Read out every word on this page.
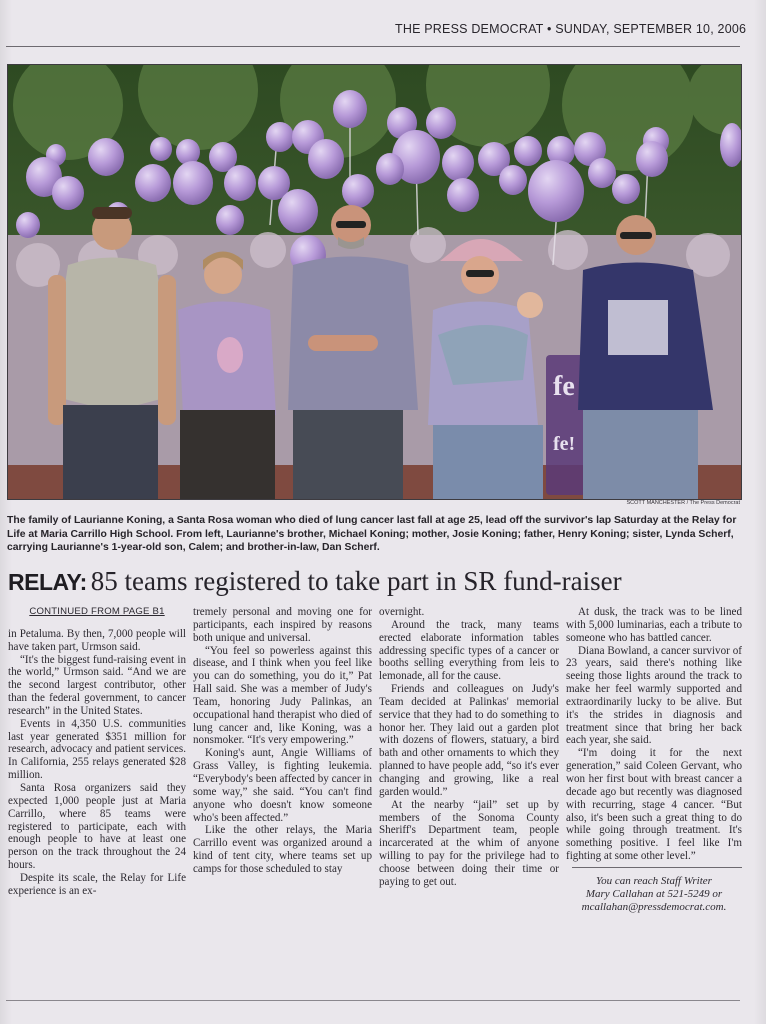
THE PRESS DEMOCRAT • SUNDAY, SEPTEMBER 10, 2006
fe
fe!
SCOTT MANCHESTER / The Press Democrat
The family of Laurianne Koning, a Santa Rosa woman who died of lung cancer last fall at age 25, lead off the survivor's lap Saturday at the Relay for Life at Maria Carrillo High School. From left, Laurianne's brother, Michael Koning; mother, Josie Koning; father, Henry Koning; sister, Lynda Scherf, carrying Laurianne's 1-year-old son, Calem; and brother-in-law, Dan Scherf.
RELAY: 85 teams registered to take part in SR fund-raiser
CONTINUED FROM PAGE B1

in Petaluma. By then, 7,000 people will have taken part, Urmson said.

“It's the biggest fund-raising event in the world,” Urmson said. “And we are the second largest contributor, other than the federal government, to cancer research” in the United States.

Events in 4,350 U.S. communities last year generated $351 million for research, advocacy and patient services. In California, 255 relays generated $28 million.

Santa Rosa organizers said they expected 1,000 people just at Maria Carrillo, where 85 teams were registered to participate, each with enough people to have at least one person on the track throughout the 24 hours.

Despite its scale, the Relay for Life experience is an ex-

tremely personal and moving one for participants, each inspired by reasons both unique and universal.

“You feel so powerless against this disease, and I think when you feel like you can do something, you do it,” Pat Hall said. She was a member of Judy's Team, honoring Judy Palinkas, an occupational hand therapist who died of lung cancer and, like Koning, was a nonsmoker. “It's very empowering.”

Koning's aunt, Angie Williams of Grass Valley, is fighting leukemia. “Everybody's been affected by cancer in some way,” she said. “You can't find anyone who doesn't know someone who's been affected.”

Like the other relays, the Maria Carrillo event was organized around a kind of tent city, where teams set up camps for those scheduled to stay

overnight.

Around the track, many teams erected elaborate information tables addressing specific types of a cancer or booths selling everything from leis to lemonade, all for the cause.

Friends and colleagues on Judy's Team decided at Palinkas' memorial service that they had to do something to honor her. They laid out a garden plot with dozens of flowers, statuary, a bird bath and other ornaments to which they planned to have people add, “so it's ever changing and growing, like a real garden would.”

At the nearby “jail” set up by members of the Sonoma County Sheriff's Department team, people incarcerated at the whim of anyone willing to pay for the privilege had to choose between doing their time or paying to get out.

At dusk, the track was to be lined with 5,000 luminarias, each a tribute to someone who has battled cancer.

Diana Bowland, a cancer survivor of 23 years, said there's nothing like seeing those lights around the track to make her feel warmly supported and extraordinarily lucky to be alive. But it's the strides in diagnosis and treatment since that bring her back each year, she said.

“I'm doing it for the next generation,” said Coleen Gervant, who won her first bout with breast cancer a decade ago but recently was diagnosed with recurring, stage 4 cancer. “But also, it's been such a great thing to do while going through treatment. It's something positive. I feel like I'm fighting at some other level.”

You can reach Staff Writer
Mary Callahan at 521-5249 or
mcallahan@pressdemocrat.com.
